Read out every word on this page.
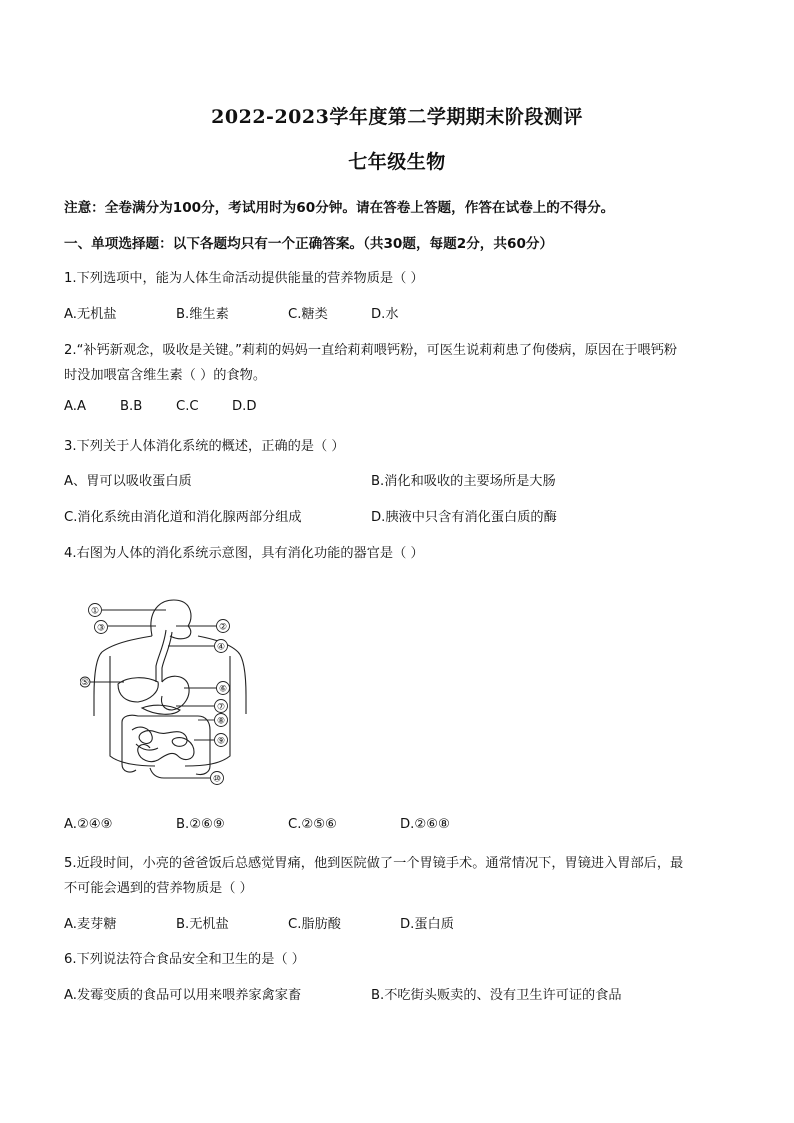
2022-2023学年度第二学期期末阶段测评
七年级生物
注意：全卷满分为100分，考试用时为60分钟。请在答卷上答题，作答在试卷上的不得分。
一、单项选择题：以下各题均只有一个正确答案。（共30题，每题2分，共60分）
1.下列选项中，能为人体生命活动提供能量的营养物质是（ ）
A.无机盐	B.维生素	C.糖类	D.水
2.“补钙新观念，吸收是关键。”莉莉的妈妈一直给莉莉喂钙粉，可医生说莉莉患了佝偻病，原因在于喂钙粉
时没加喂富含维生素（ ）的食物。
A.A	B.B	C.C	D.D
3.下列关于人体消化系统的概述，正确的是（ ）
A、胃可以吸收蛋白质	B.消化和吸收的主要场所是大肠
C.消化系统由消化道和消化腺两部分组成	D.胰液中只含有消化蛋白质的酶
4.右图为人体的消化系统示意图，具有消化功能的器官是（ ）
①
②
③
④
⑤
⑥
⑦
⑧
⑨
⑩
A.②④⑨	B.②⑥⑨	C.②⑤⑥	D.②⑥⑧
5.近段时间，小亮的爸爸饭后总感觉胃痛，他到医院做了一个胃镜手术。通常情况下，胃镜进入胃部后，最
不可能会遇到的营养物质是（ ）
A.麦芽糖	B.无机盐	C.脂肪酸	D.蛋白质
6.下列说法符合食品安全和卫生的是（ ）
A.发霉变质的食品可以用来喂养家禽家畜	B.不吃街头贩卖的、没有卫生许可证的食品
